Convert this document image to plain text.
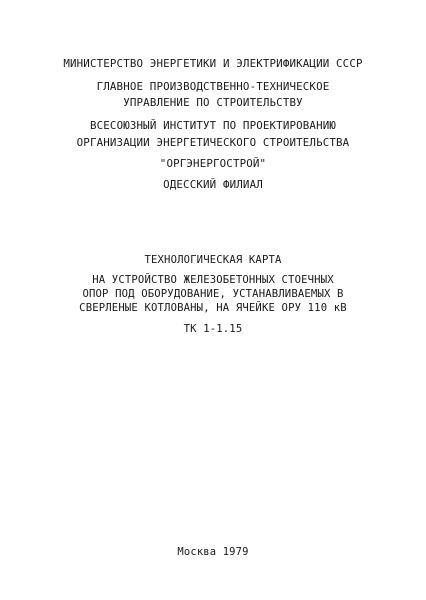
МИНИСТЕРСТВО ЭНЕРГЕТИКИ И ЭЛЕКТРИФИКАЦИИ СССР
ГЛАВНОЕ ПРОИЗВОДСТВЕННО-ТЕХНИЧЕСКОЕ
УПРАВЛЕНИЕ ПО СТРОИТЕЛЬСТВУ
ВСЕСОЮЗНЫЙ ИНСТИТУТ ПО ПРОЕКТИРОВАНИЮ
ОРГАНИЗАЦИИ ЭНЕРГЕТИЧЕСКОГО СТРОИТЕЛЬСТВА
"ОРГЭНЕРГОСТРОЙ"
ОДЕССКИЙ ФИЛИАЛ
ТЕХНОЛОГИЧЕСКАЯ КАРТА
НА УСТРОЙСТВО ЖЕЛЕЗОБЕТОННЫХ СТОЕЧНЫХ
ОПОР ПОД ОБОРУДОВАНИЕ, УСТАНАВЛИВАЕМЫХ В
СВЕРЛЕНЫЕ КОТЛОВАНЫ, НА ЯЧЕЙКЕ ОРУ 110 кВ
ТК 1-1.15
Москва 1979
